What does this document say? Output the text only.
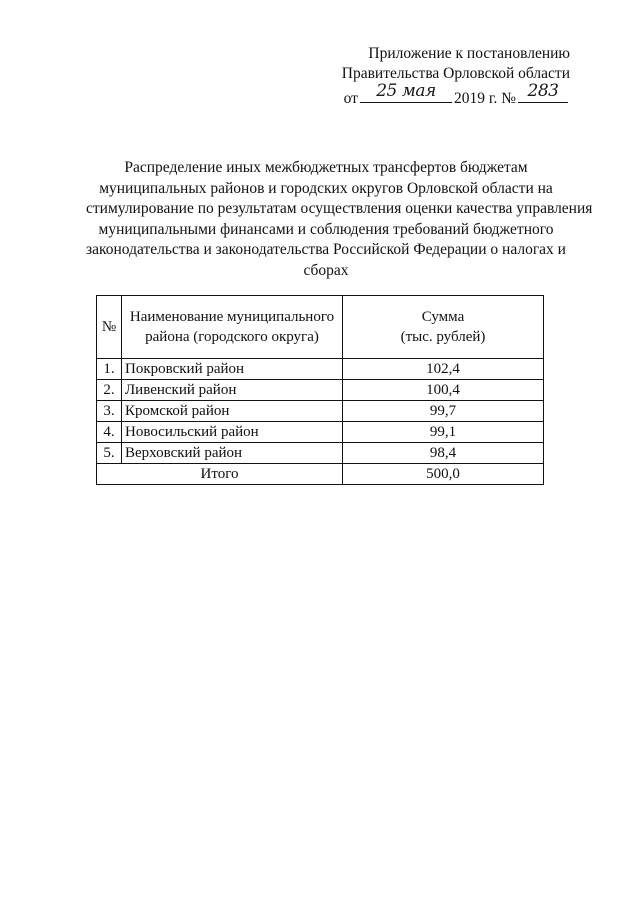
Приложение к постановлению
Правительства Орловской области
от	25 мая	2019 г. № 283
Распределение иных межбюджетных трансфертов бюджетам
муниципальных районов и городских округов Орловской области на
стимулирование по результатам осуществления оценки качества управления
муниципальными финансами и соблюдения требований бюджетного
законодательства и законодательства Российской Федерации о налогах и
сборах
№	Наименование муниципального района (городского округа)	Сумма
(тыс. рублей)
1.	Покровский район	102,4
2.	Ливенский район	100,4
3.	Кромской район	99,7
4.	Новосильский район	99,1
5.	Верховский район	98,4
Итого		500,0
